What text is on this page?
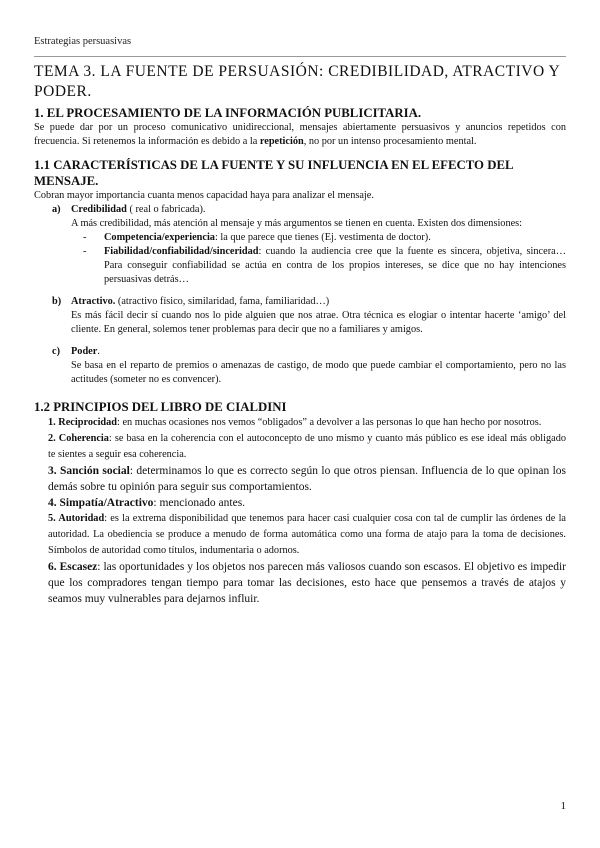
Estrategias persuasivas
TEMA 3. LA FUENTE DE PERSUASIÓN: CREDIBILIDAD, ATRACTIVO Y PODER.
1. EL PROCESAMIENTO DE LA INFORMACIÓN PUBLICITARIA.

Se puede dar por un proceso comunicativo unidireccional, mensajes abiertamente persuasivos y anuncios repetidos con frecuencia. Si retenemos la información es debido a la repetición, no por un intenso procesamiento mental.

1.1 CARACTERÍSTICAS DE LA FUENTE Y SU INFLUENCIA EN EL EFECTO DEL MENSAJE.

Cobran mayor importancia cuanta menos capacidad haya para analizar el mensaje.

a)	Credibilidad ( real o fabricada).

A más credibilidad, más atención al mensaje y más argumentos se tienen en cuenta. Existen dos dimensiones:

-	Competencia/experiencia: la que parece que tienes (Ej. vestimenta de doctor).

-	Fiabilidad/confiabilidad/sinceridad: cuando la audiencia cree que la fuente es sincera, objetiva, sincera… Para conseguir confiabilidad se actúa en contra de los propios intereses, se dice que no hay intenciones persuasivas detrás…

b) Atractivo. (atractivo físico, similaridad, fama, familiaridad…)

Es más fácil decir sí cuando nos lo pide alguien que nos atrae. Otra técnica es elogiar o intentar hacerte ‘amigo’ del cliente. En general, solemos tener problemas para decir que no a familiares y amigos.

c)	Poder.

Se basa en el reparto de premios o amenazas de castigo, de modo que puede cambiar el comportamiento, pero no las actitudes (someter no es convencer).

1.2 PRINCIPIOS DEL LIBRO DE CIALDINI

1. Reciprocidad: en muchas ocasiones nos vemos “obligados” a devolver a las personas lo que han hecho por nosotros.

2. Coherencia: se basa en la coherencia con el autoconcepto de uno mismo y cuanto más público es ese ideal más obligado te sientes a seguir esa coherencia.

3. Sanción social: determinamos lo que es correcto según lo que otros piensan. Influencia de lo que opinan los demás sobre tu opinión para seguir sus comportamientos.

4. Simpatía/Atractivo: mencionado antes.

5. Autoridad: es la extrema disponibilidad que tenemos para hacer casi cualquier cosa con tal de cumplir las órdenes de la autoridad. La obediencia se produce a menudo de forma automática como una forma de atajo para la toma de decisiones. Símbolos de autoridad como títulos, indumentaria o adornos.

6. Escasez: las oportunidades y los objetos nos parecen más valiosos cuando son escasos. El objetivo es impedir que los compradores tengan tiempo para tomar las decisiones, esto hace que pensemos a través de atajos y seamos muy vulnerables para dejarnos influir.

1
